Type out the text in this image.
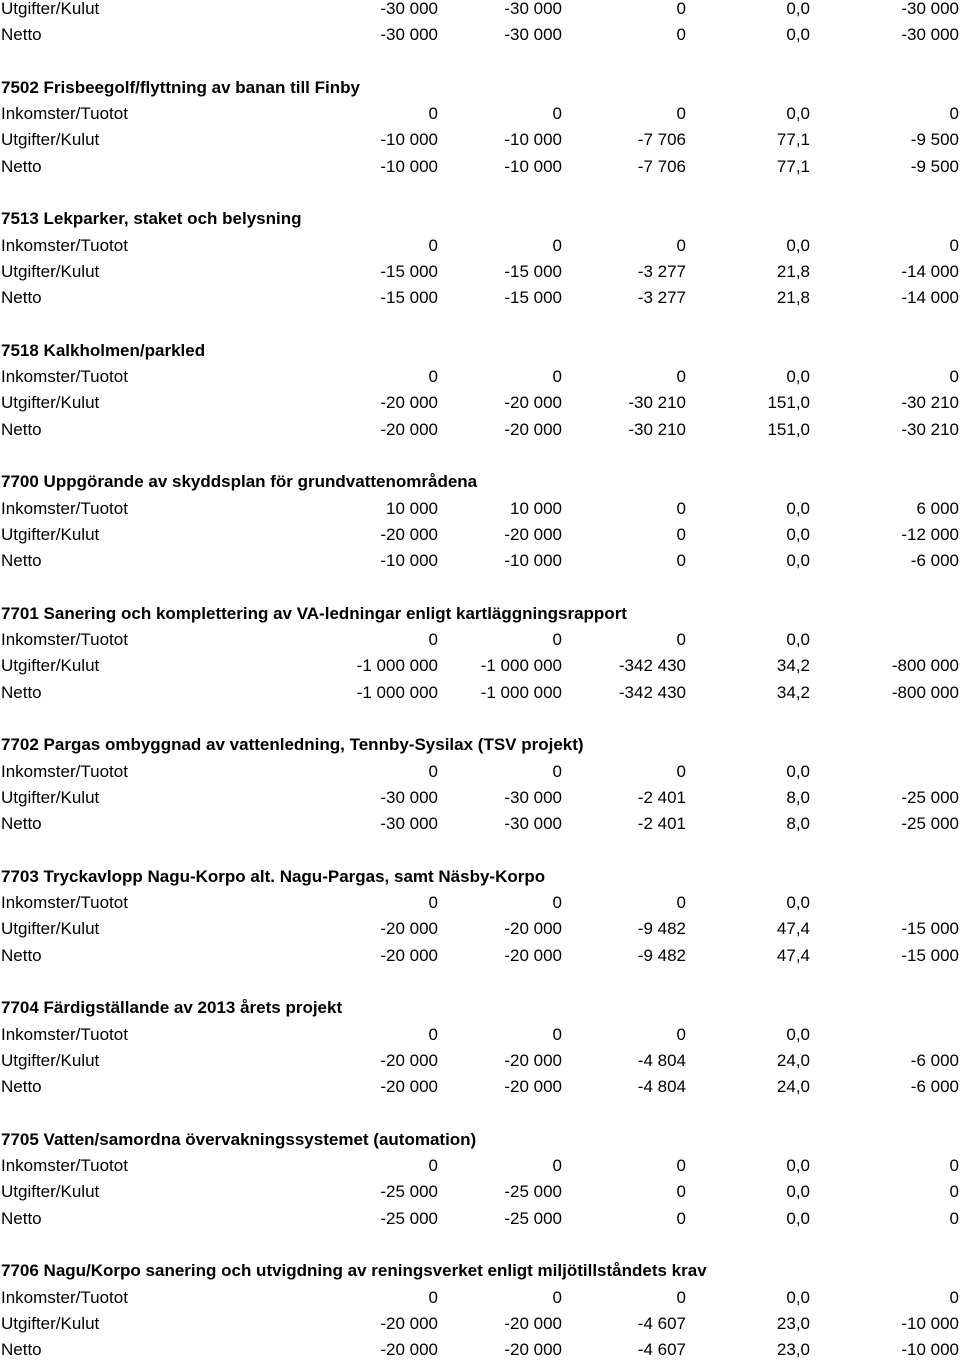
Utgifter/Kulut	-30 000	-30 000	0	0,0	-30 000
Netto	-30 000	-30 000	0	0,0	-30 000
7502 Frisbeegolf/flyttning av banan till Finby
Inkomster/Tuotot	0	0	0	0,0	0
Utgifter/Kulut	-10 000	-10 000	-7 706	77,1	-9 500
Netto	-10 000	-10 000	-7 706	77,1	-9 500
7513 Lekparker, staket och belysning
Inkomster/Tuotot	0	0	0	0,0	0
Utgifter/Kulut	-15 000	-15 000	-3 277	21,8	-14 000
Netto	-15 000	-15 000	-3 277	21,8	-14 000
7518 Kalkholmen/parkled
Inkomster/Tuotot	0	0	0	0,0	0
Utgifter/Kulut	-20 000	-20 000	-30 210	151,0	-30 210
Netto	-20 000	-20 000	-30 210	151,0	-30 210
7700 Uppgörande av skyddsplan för grundvattenområdena
Inkomster/Tuotot	10 000	10 000	0	0,0	6 000
Utgifter/Kulut	-20 000	-20 000	0	0,0	-12 000
Netto	-10 000	-10 000	0	0,0	-6 000
7701 Sanering och komplettering av VA-ledningar enligt kartläggningsrapport
Inkomster/Tuotot	0	0	0	0,0
Utgifter/Kulut	-1 000 000	-1 000 000	-342 430	34,2	-800 000
Netto	-1 000 000	-1 000 000	-342 430	34,2	-800 000
7702 Pargas ombyggnad av vattenledning, Tennby-Sysilax (TSV projekt)
Inkomster/Tuotot	0	0	0	0,0
Utgifter/Kulut	-30 000	-30 000	-2 401	8,0	-25 000
Netto	-30 000	-30 000	-2 401	8,0	-25 000
7703 Tryckavlopp Nagu-Korpo alt. Nagu-Pargas, samt Näsby-Korpo
Inkomster/Tuotot	0	0	0	0,0
Utgifter/Kulut	-20 000	-20 000	-9 482	47,4	-15 000
Netto	-20 000	-20 000	-9 482	47,4	-15 000
7704 Färdigställande av 2013 årets projekt
Inkomster/Tuotot	0	0	0	0,0
Utgifter/Kulut	-20 000	-20 000	-4 804	24,0	-6 000
Netto	-20 000	-20 000	-4 804	24,0	-6 000
7705 Vatten/samordna övervakningssystemet (automation)
Inkomster/Tuotot	0	0	0	0,0	0
Utgifter/Kulut	-25 000	-25 000	0	0,0	0
Netto	-25 000	-25 000	0	0,0	0
7706 Nagu/Korpo sanering och utvigdning av reningsverket enligt miljötillståndets krav
Inkomster/Tuotot	0	0	0	0,0	0
Utgifter/Kulut	-20 000	-20 000	-4 607	23,0	-10 000
Netto	-20 000	-20 000	-4 607	23,0	-10 000
